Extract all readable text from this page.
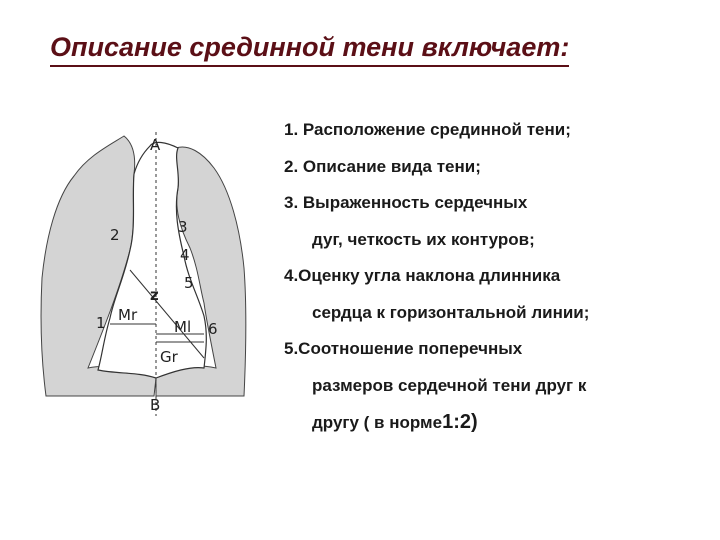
Описание срединной тени включает:
A
B
z
Mr
Ml
Gr
2
1
3
4
5
6
1. Расположение срединной тени;
2. Описание вида тени;
3. Выраженность сердечных
дуг, четкость их контуров;
4.Оценку угла наклона длинника
сердца к горизонтальной линии;
5.Соотношение поперечных
размеров сердечной тени друг к
другу ( в норме1:2)
